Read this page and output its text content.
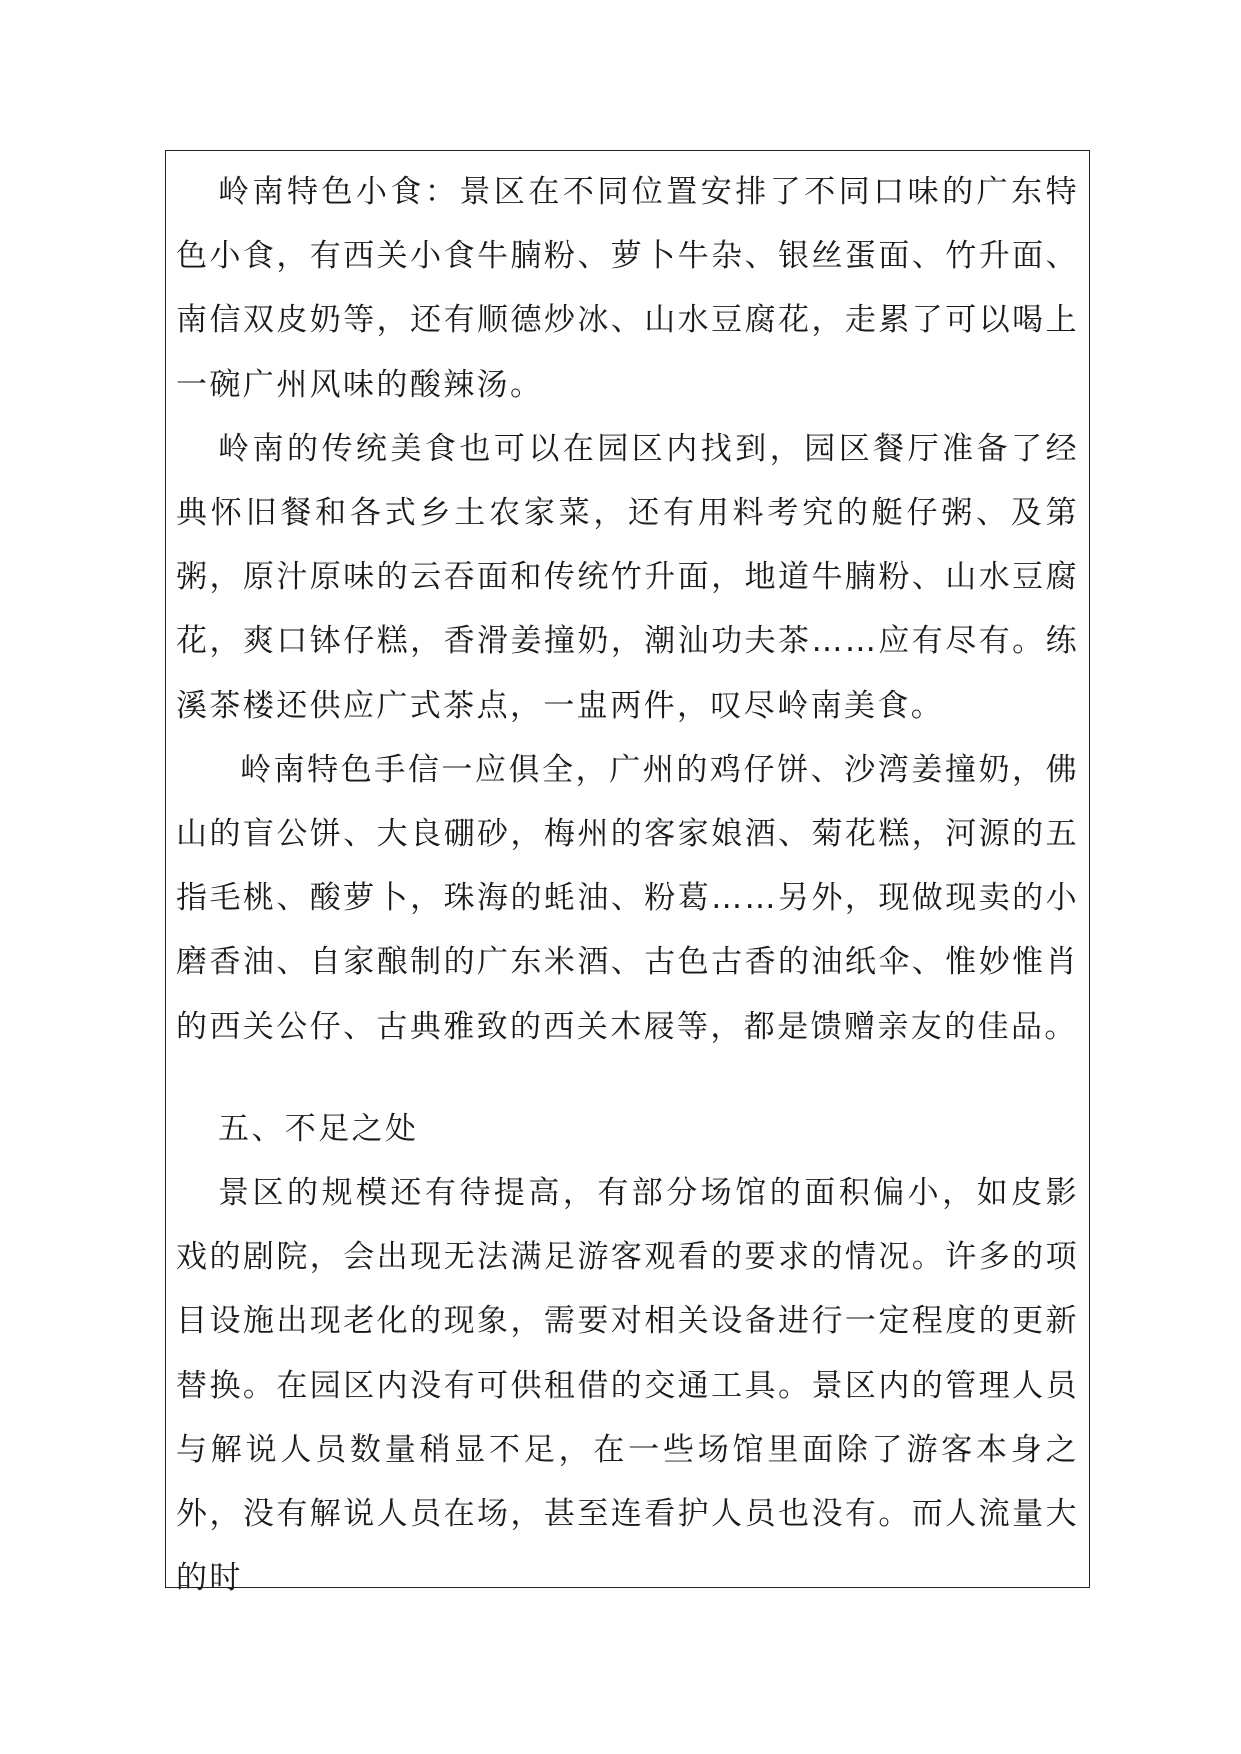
岭南特色小食：景区在不同位置安排了不同口味的广东特色小食，有西关小食牛腩粉、萝卜牛杂、银丝蛋面、竹升面、南信双皮奶等，还有顺德炒冰、山水豆腐花，走累了可以喝上一碗广州风味的酸辣汤。

岭南的传统美食也可以在园区内找到，园区餐厅准备了经典怀旧餐和各式乡土农家菜，还有用料考究的艇仔粥、及第粥，原汁原味的云吞面和传统竹升面，地道牛腩粉、山水豆腐花，爽口钵仔糕，香滑姜撞奶，潮汕功夫茶……应有尽有。练溪茶楼还供应广式茶点，一盅两件，叹尽岭南美食。

岭南特色手信一应俱全，广州的鸡仔饼、沙湾姜撞奶，佛山的盲公饼、大良硼砂，梅州的客家娘酒、菊花糕，河源的五指毛桃、酸萝卜，珠海的蚝油、粉葛……另外，现做现卖的小磨香油、自家酿制的广东米酒、古色古香的油纸伞、惟妙惟肖的西关公仔、古典雅致的西关木屐等，都是馈赠亲友的佳品。

五、不足之处

景区的规模还有待提高，有部分场馆的面积偏小，如皮影戏的剧院，会出现无法满足游客观看的要求的情况。许多的项目设施出现老化的现象，需要对相关设备进行一定程度的更新替换。在园区内没有可供租借的交通工具。景区内的管理人员与解说人员数量稍显不足，在一些场馆里面除了游客本身之外，没有解说人员在场，甚至连看护人员也没有。而人流量大的时
